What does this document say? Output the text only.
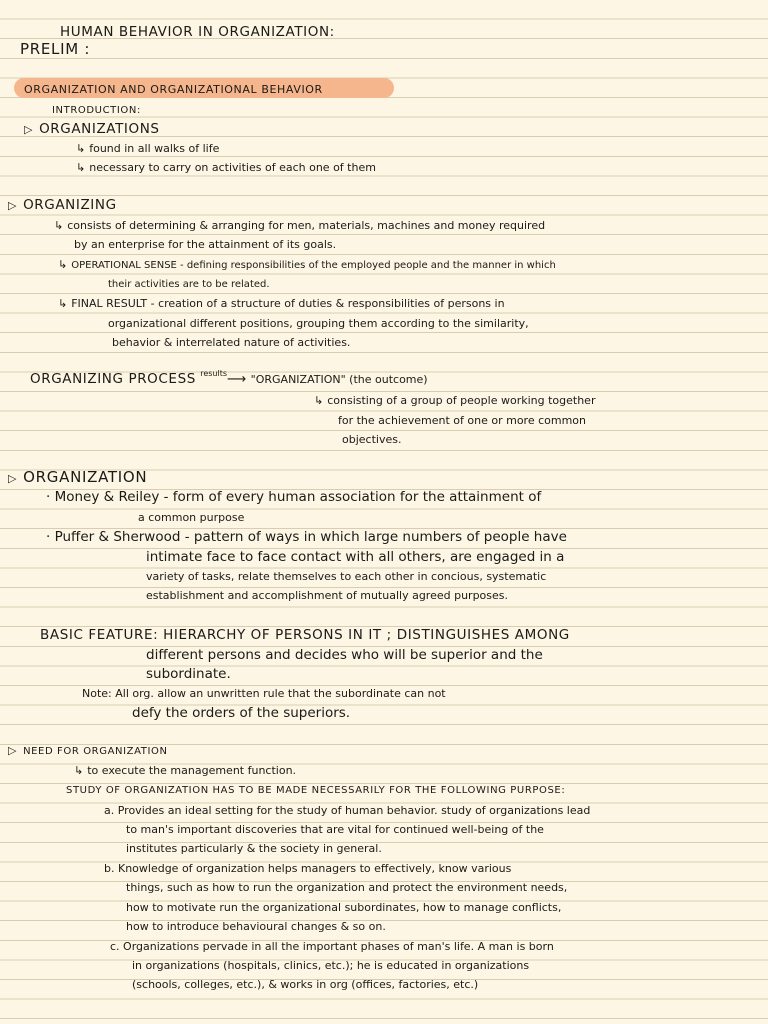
HUMAN BEHAVIOR IN ORGANIZATION:
PRELIM :
ORGANIZATION AND ORGANIZATIONAL BEHAVIOR
INTRODUCTION:
▷ ORGANIZATIONS
↳ found in all walks of life
↳ necessary to carry on activities of each one of them
▷ ORGANIZING
↳ consists of determining & arranging for men, materials, machines and money required
by an enterprise for the attainment of its goals.
↳ OPERATIONAL SENSE - defining responsibilities of the employed people and the manner in which
their activities are to be related.
↳ FINAL RESULT - creation of a structure of duties & responsibilities of persons in
organizational different positions, grouping them according to the similarity,
behavior & interrelated nature of activities.
ORGANIZING PROCESS $^{results}$⟶ "ORGANIZATION" (the outcome)
↳ consisting of a group of people working together
for the achievement of one or more common
objectives.
▷ ORGANIZATION
· Money & Reiley - form of every human association for the attainment of
a common purpose
· Puffer & Sherwood - pattern of ways in which large numbers of people have
intimate face to face contact with all others, are engaged in a
variety of tasks, relate themselves to each other in concious, systematic
establishment and accomplishment of mutually agreed purposes.
BASIC FEATURE: HIERARCHY OF PERSONS IN IT ; DISTINGUISHES AMONG
different persons and decides who will be superior and the
subordinate.
Note: All org. allow an unwritten rule that the subordinate can not
defy the orders of the superiors.
▷ NEED FOR ORGANIZATION
↳ to execute the management function.
STUDY OF ORGANIZATION HAS TO BE MADE NECESSARILY FOR THE FOLLOWING PURPOSE:
a. Provides an ideal setting for the study of human behavior. study of organizations lead
to man's important discoveries that are vital for continued well-being of the
institutes particularly & the society in general.
b. Knowledge of organization helps managers to effectively, know various
things, such as how to run the organization and protect the environment needs,
how to motivate run the organizational subordinates, how to manage conflicts,
how to introduce behavioural changes & so on.
c. Organizations pervade in all the important phases of man's life. A man is born
in organizations (hospitals, clinics, etc.); he is educated in organizations
(schools, colleges, etc.), & works in org (offices, factories, etc.)
